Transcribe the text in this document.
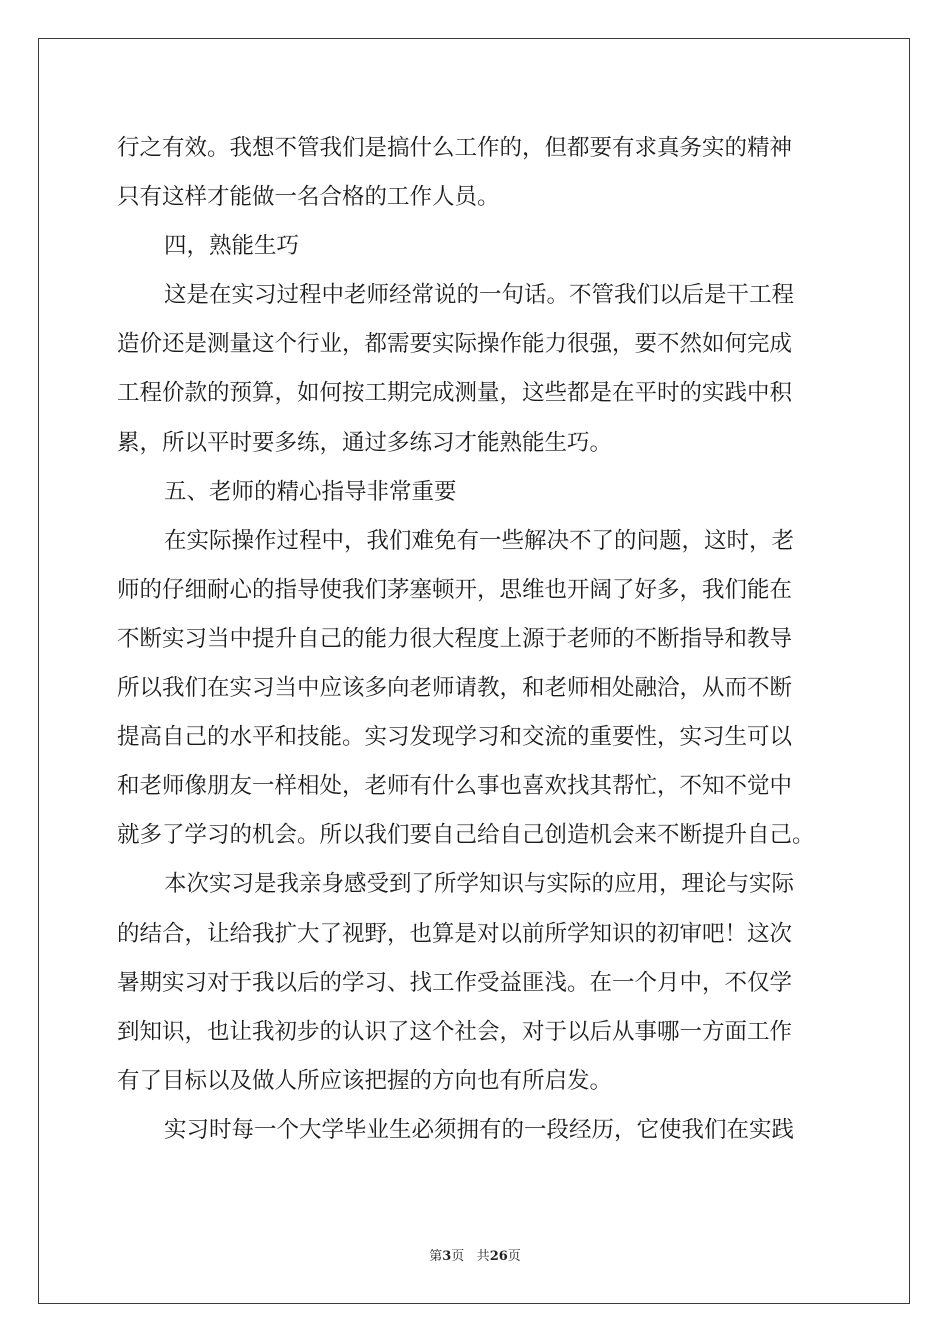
行之有效。我想不管我们是搞什么工作的，但都要有求真务实的精神
只有这样才能做一名合格的工作人员。
四，熟能生巧
这是在实习过程中老师经常说的一句话。不管我们以后是干工程
造价还是测量这个行业，都需要实际操作能力很强，要不然如何完成
工程价款的预算，如何按工期完成测量，这些都是在平时的实践中积
累，所以平时要多练，通过多练习才能熟能生巧。
五、老师的精心指导非常重要
在实际操作过程中，我们难免有一些解决不了的问题，这时，老
师的仔细耐心的指导使我们茅塞顿开，思维也开阔了好多，我们能在
不断实习当中提升自己的能力很大程度上源于老师的不断指导和教导
所以我们在实习当中应该多向老师请教，和老师相处融洽，从而不断
提高自己的水平和技能。实习发现学习和交流的重要性，实习生可以
和老师像朋友一样相处，老师有什么事也喜欢找其帮忙，不知不觉中
就多了学习的机会。所以我们要自己给自己创造机会来不断提升自己。
本次实习是我亲身感受到了所学知识与实际的应用，理论与实际
的结合，让给我扩大了视野，也算是对以前所学知识的初审吧！这次
暑期实习对于我以后的学习、找工作受益匪浅。在一个月中，不仅学
到知识，也让我初步的认识了这个社会，对于以后从事哪一方面工作
有了目标以及做人所应该把握的方向也有所启发。
实习时每一个大学毕业生必须拥有的一段经历，它使我们在实践
第3页 共26页
